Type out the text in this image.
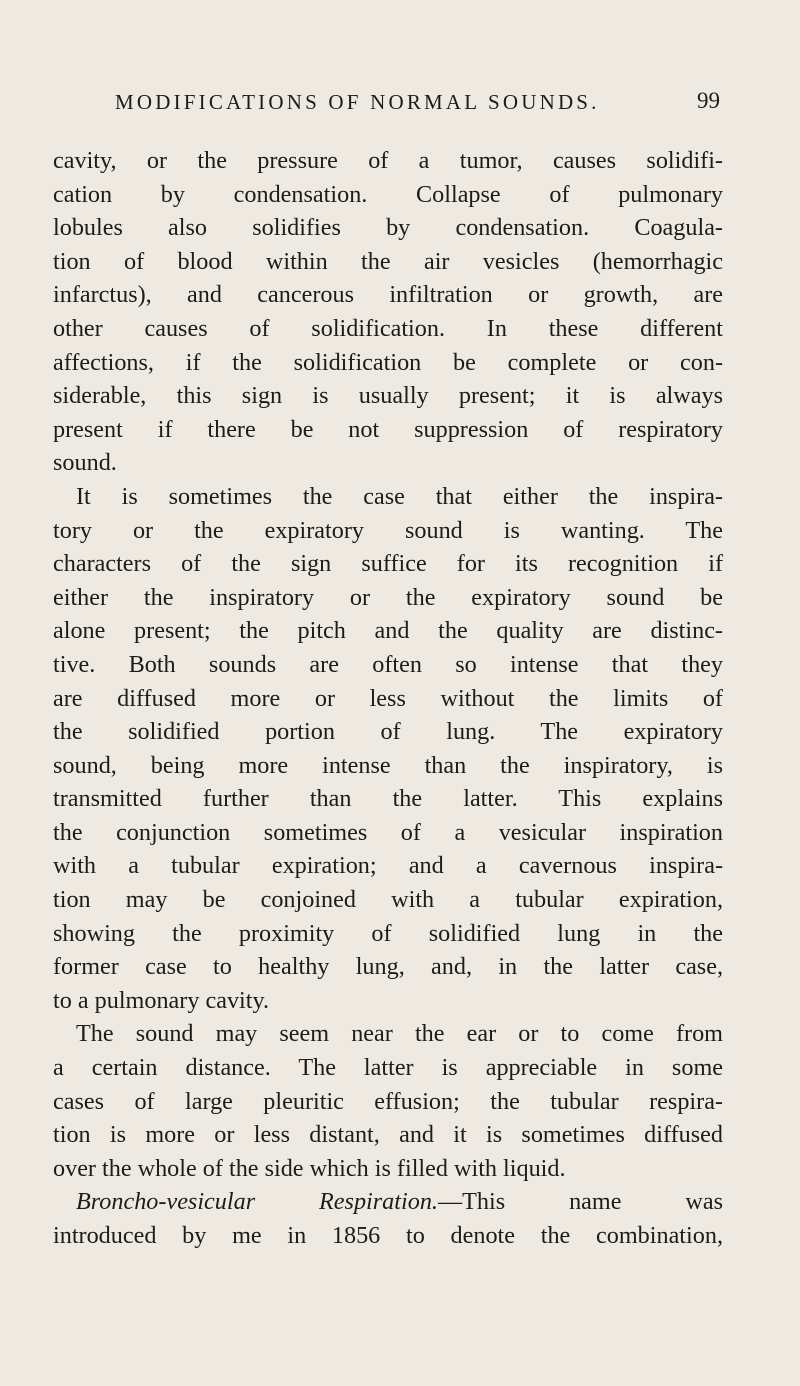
MODIFICATIONS OF NORMAL SOUNDS.	99
cavity, or the pressure of a tumor, causes solidifi-
cation by condensation. Collapse of pulmonary
lobules also solidifies by condensation. Coagula-
tion of blood within the air vesicles (hemorrhagic
infarctus), and cancerous infiltration or growth, are
other causes of solidification. In these different
affections, if the solidification be complete or con-
siderable, this sign is usually present; it is always
present if there be not suppression of respiratory
sound.
It is sometimes the case that either the inspira-
tory or the expiratory sound is wanting. The
characters of the sign suffice for its recognition if
either the inspiratory or the expiratory sound be
alone present; the pitch and the quality are distinc-
tive. Both sounds are often so intense that they
are diffused more or less without the limits of
the solidified portion of lung. The expiratory
sound, being more intense than the inspiratory, is
transmitted further than the latter. This explains
the conjunction sometimes of a vesicular inspiration
with a tubular expiration; and a cavernous inspira-
tion may be conjoined with a tubular expiration,
showing the proximity of solidified lung in the
former case to healthy lung, and, in the latter case,
to a pulmonary cavity.
The sound may seem near the ear or to come from
a certain distance. The latter is appreciable in some
cases of large pleuritic effusion; the tubular respira-
tion is more or less distant, and it is sometimes diffused
over the whole of the side which is filled with liquid.
Broncho-vesicular Respiration.—This name was
introduced by me in 1856 to denote the combination,
